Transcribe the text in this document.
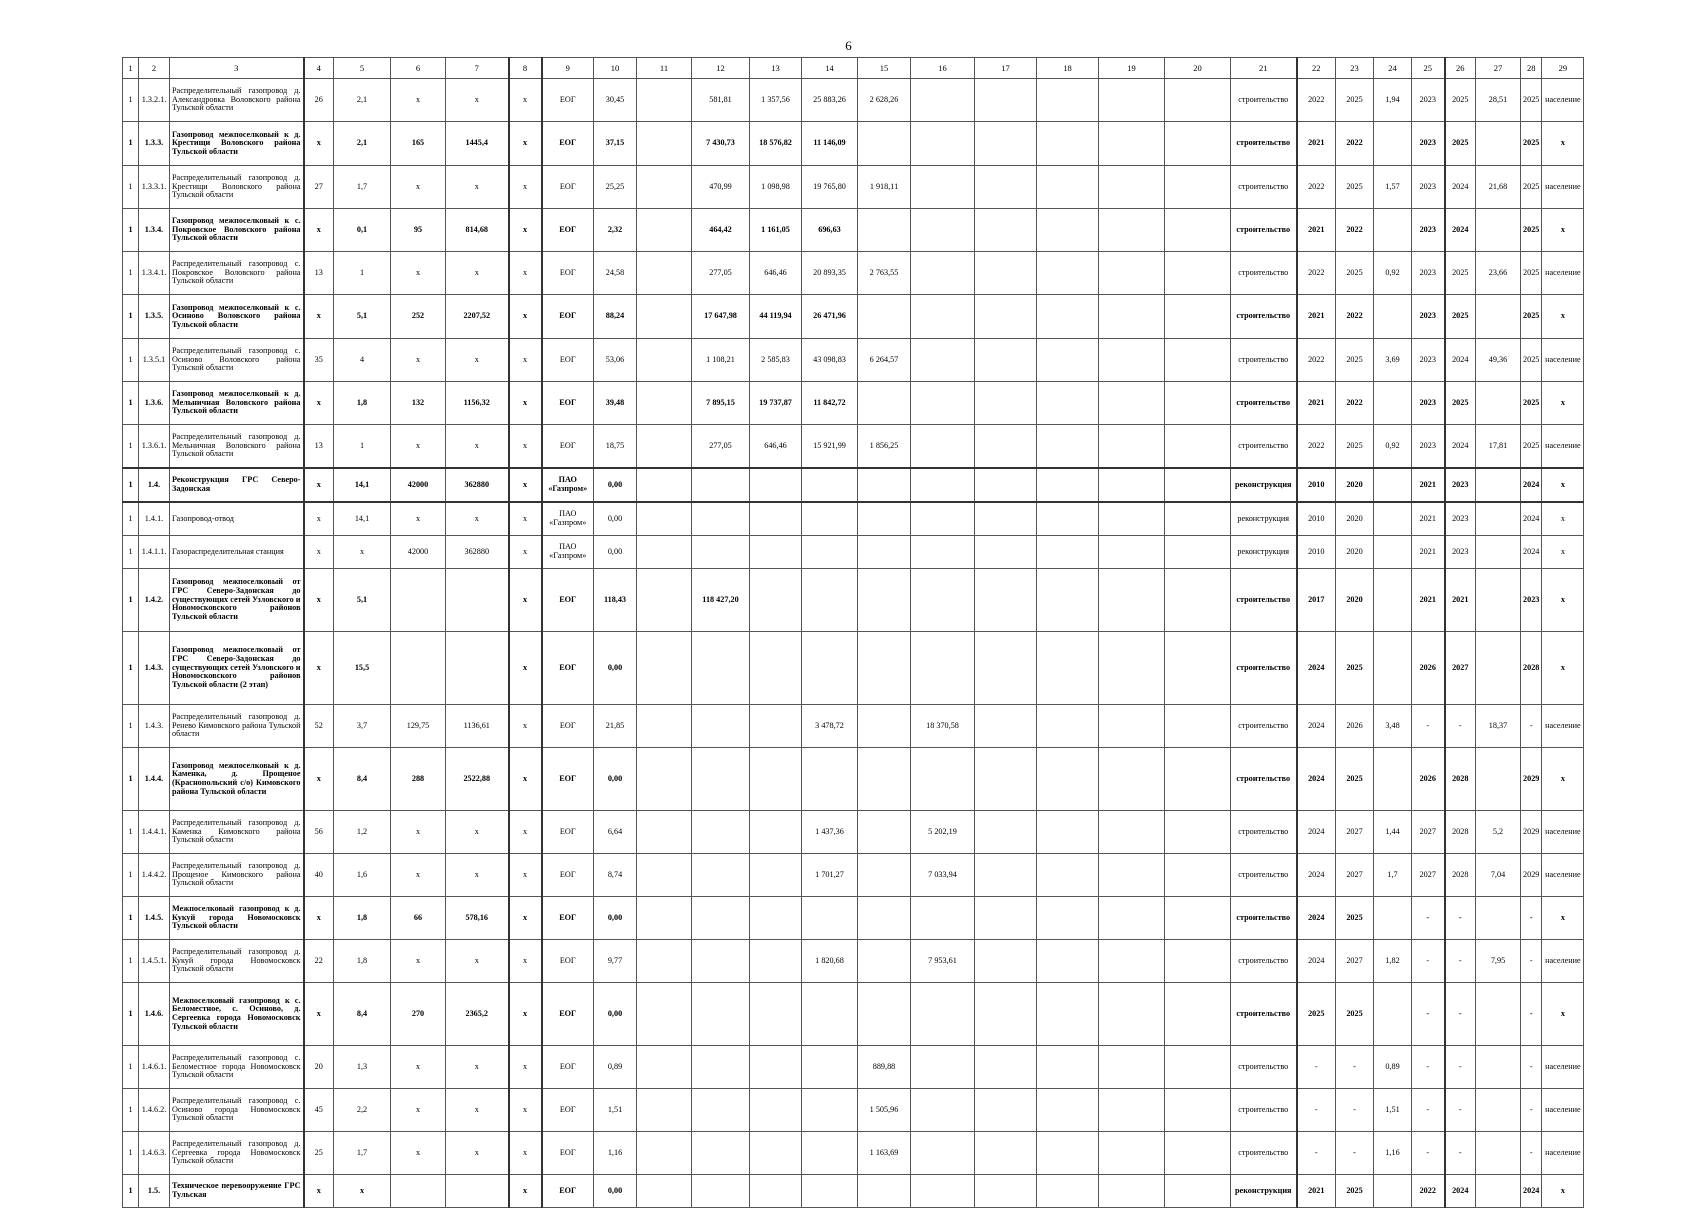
6
1	2	3	4	5	6	7	8	9	10	11	12	13	14	15	16	17	18	19	20	21	22	23	24	25	26	27	28	29
1	1.3.2.1.	Распределительный газопровод д. Александровка Воловского района Тульской области	26	2,1	х	х	х	ЕОГ	30,45		581,81	1 357,56	25 883,26	2 628,26						строительство	2022	2025	1,94	2023	2025	28,51	2025	население
1	1.3.3.	Газопровод межпоселковый к д. Крестищи Воловского района Тульской области	х	2,1	165	1445,4	х	ЕОГ	37,15		7 430,73	18 576,82	11 146,09							строительство	2021	2022		2023	2025		2025	х
1	1.3.3.1.	Распределительный газопровод д. Крестищи Воловского района Тульской области	27	1,7	х	х	х	ЕОГ	25,25		470,99	1 098,98	19 765,80	1 918,11						строительство	2022	2025	1,57	2023	2024	21,68	2025	население
1	1.3.4.	Газопровод межпоселковый к с. Покровское Воловского района Тульской области	х	0,1	95	814,68	х	ЕОГ	2,32		464,42	1 161,05	696,63							строительство	2021	2022		2023	2024		2025	х
1	1.3.4.1.	Распределительный газопровод с. Покровское Воловского района Тульской области	13	1	х	х	х	ЕОГ	24,58		277,05	646,46	20 893,35	2 763,55						строительство	2022	2025	0,92	2023	2025	23,66	2025	население
1	1.3.5.	Газопровод межпоселковый к с. Осиново Воловского района Тульской области	х	5,1	252	2207,52	х	ЕОГ	88,24		17 647,98	44 119,94	26 471,96							строительство	2021	2022		2023	2025		2025	х
1	1.3.5.1	Распределительный газопровод с. Осиново Воловского района Тульской области	35	4	х	х	х	ЕОГ	53,06		1 108,21	2 585,83	43 098,83	6 264,57						строительство	2022	2025	3,69	2023	2024	49,36	2025	население
1	1.3.6.	Газопровод межпоселковый к д. Мельничная Воловского района Тульской области	х	1,8	132	1156,32	х	ЕОГ	39,48		7 895,15	19 737,87	11 842,72							строительство	2021	2022		2023	2025		2025	х
1	1.3.6.1.	Распределительный газопровод д. Мельничная Воловского района Тульской области	13	1	х	х	х	ЕОГ	18,75		277,05	646,46	15 921,99	1 856,25						строительство	2022	2025	0,92	2023	2024	17,81	2025	население
1	1.4.	Реконструкция ГРС Северо-Задонская	х	14,1	42000	362880	х	ПАО «Газпром»	0,00											реконструкция	2010	2020		2021	2023		2024	х
1	1.4.1.	Газопровод-отвод	х	14,1	х	х	х	ПАО «Газпром»	0,00											реконструкция	2010	2020		2021	2023		2024	х
1	1.4.1.1.	Газораспределительная станция	х	х	42000	362880	х	ПАО «Газпром»	0,00											реконструкция	2010	2020		2021	2023		2024	х
1	1.4.2.	Газопровод межпоселковый от ГРС Северо-Задонская до существующих сетей Узловского и Новомосковского районов Тульской области	х	5,1			х	ЕОГ	118,43		118 427,20									строительство	2017	2020		2021	2021		2023	х
1	1.4.3.	Газопровод межпоселковый от ГРС Северо-Задонская до существующих сетей Узловского и Новомосковского районов Тульской области (2 этап)	х	15,5			х	ЕОГ	0,00											строительство	2024	2025		2026	2027		2028	х
1	1.4.3.	Распределительный газопровод д. Ренево Кимовского района Тульской области	52	3,7	129,75	1136,61	х	ЕОГ	21,85				3 478,72		18 370,58					строительство	2024	2026	3,48	-	-	18,37	-	население
1	1.4.4.	Газопровод межпоселковый к д. Каменка, д. Прощеное (Краснопольский с/о) Кимовского района Тульской области	х	8,4	288	2522,88	х	ЕОГ	0,00											строительство	2024	2025		2026	2028		2029	х
1	1.4.4.1.	Распределительный газопровод д. Каменка Кимовского района Тульской области	56	1,2	х	х	х	ЕОГ	6,64				1 437,36		5 202,19					строительство	2024	2027	1,44	2027	2028	5,2	2029	население
1	1.4.4.2.	Распределительный газопровод д. Прощеное Кимовского района Тульской области	40	1,6	х	х	х	ЕОГ	8,74				1 701,27		7 033,94					строительство	2024	2027	1,7	2027	2028	7,04	2029	население
1	1.4.5.	Межпоселковый газопровод к д. Кукуй города Новомосковск Тульской области	х	1,8	66	578,16	х	ЕОГ	0,00											строительство	2024	2025		-	-		-	х
1	1.4.5.1.	Распределительный газопровод д. Кукуй города Новомосковск Тульской области	22	1,8	х	х	х	ЕОГ	9,77				1 820,68		7 953,61					строительство	2024	2027	1,82	-	-	7,95	-	население
1	1.4.6.	Межпоселковый газопровод к с. Беломестное, с. Осиново, д. Сергеевка города Новомосковск Тульской области	х	8,4	270	2365,2	х	ЕОГ	0,00											строительство	2025	2025		-	-		-	х
1	1.4.6.1.	Распределительный газопровод с. Беломестное города Новомосковск Тульской области	20	1,3	х	х	х	ЕОГ	0,89					889,88						строительство	-	-	0,89	-	-		-	население
1	1.4.6.2.	Распределительный газопровод с. Осиново города Новомосковск Тульской области	45	2,2	х	х	х	ЕОГ	1,51					1 505,96						строительство	-	-	1,51	-	-		-	население
1	1.4.6.3.	Распределительный газопровод д. Сергеевка города Новомосковск Тульской области	25	1,7	х	х	х	ЕОГ	1,16					1 163,69						строительство	-	-	1,16	-	-		-	население
1	1.5.	Техническое перевооружение ГРС Тульская	х	х			х	ЕОГ	0,00											реконструкция	2021	2025		2022	2024		2024	х
